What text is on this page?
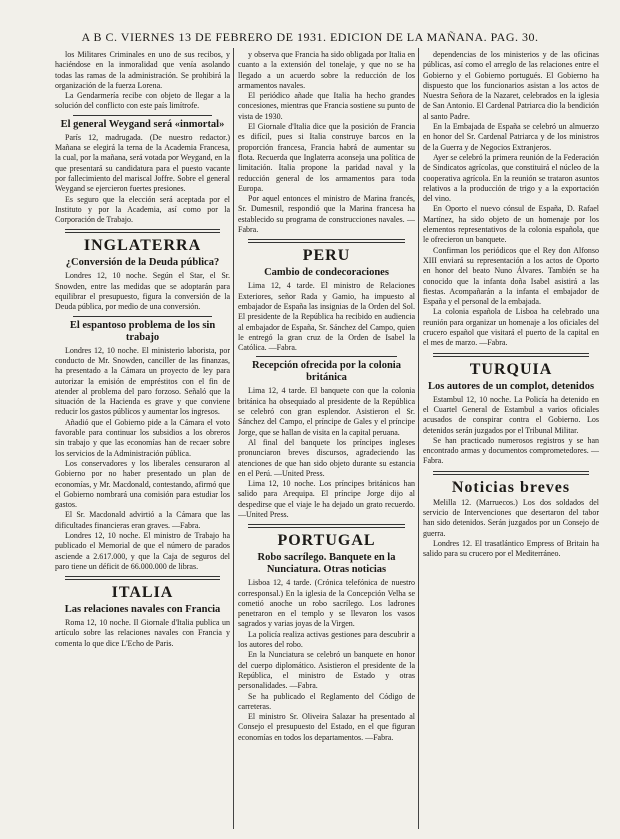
A B C. VIERNES 13 DE FEBRERO DE 1931. EDICION DE LA MAÑANA. PAG. 30.

los Militares Criminales en uno de sus recibos, y haciéndose en la inmoralidad que venía asolando todas las ramas de la administración. Se prohibirá la organización de la fuerza Lorena.

La Gendarmería recibe con objeto de llegar a la solución del conflicto con este país limítrofe.

El general Weygand será «inmortal»

París 12, madrugada. (De nuestro redactor.) Mañana se elegirá la terna de la Academia Francesa, la cual, por la mañana, será votada por Weygand, en la que presentará su candidatura para el puesto vacante por fallecimiento del mariscal Joffre. Sobre el general Weygand se ejercieron fuertes presiones.

Es seguro que la elección será aceptada por el Instituto y por la Academia, así como por la Corporación de Trabajo.

INGLATERRA
¿Conversión de la Deuda pública?

Londres 12, 10 noche. Según el Star, el Sr. Snowden, entre las medidas que se adoptarán para equilibrar el presupuesto, figura la conversión de la Deuda pública, por medio de una conversión.

El espantoso problema de los sin trabajo

Londres 12, 10 noche. El ministerio laborista, por conducto de Mr. Snowden, canciller de las finanzas, ha presentado a la Cámara un proyecto de ley para autorizar la emisión de empréstitos con el fin de atender al problema del paro forzoso. Señaló que la situación de la Hacienda es grave y que conviene reducir los gastos públicos y aumentar los ingresos.

Añadió que el Gobierno pide a la Cámara el voto favorable para continuar los subsidios a los obreros sin trabajo y que las economías han de recaer sobre los servicios de la Administración pública.

Los conservadores y los liberales censuraron al Gobierno por no haber presentado un plan de economías, y Mr. Macdonald, contestando, afirmó que el Gobierno nombrará una comisión para estudiar los gastos.

El Sr. Macdonald advirtió a la Cámara que las dificultades financieras eran graves. —Fabra.

Londres 12, 10 noche. El ministro de Trabajo ha publicado el Memorial de que el número de parados asciende a 2.617.000, y que la Caja de seguros del paro tiene un déficit de 66.000.000 de libras.

ITALIA
Las relaciones navales con Francia

Roma 12, 10 noche. Il Giornale d'Italia publica un artículo sobre las relaciones navales con Francia y comenta lo que dice L'Echo de Paris.

y observa que Francia ha sido obligada por Italia en cuanto a la extensión del tonelaje, y que no se ha llegado a un acuerdo sobre la reducción de los armamentos navales.

El periódico añade que Italia ha hecho grandes concesiones, mientras que Francia sostiene su punto de vista de 1930.

El Giornale d'Italia dice que la posición de Francia es difícil, pues si Italia construye barcos en la proporción francesa, Francia habrá de aumentar su flota. Recuerda que Inglaterra aconseja una política de limitación. Italia propone la paridad naval y la reducción general de los armamentos para toda Europa.

Por aquel entonces el ministro de Marina francés, Sr. Dumesnil, respondió que la Marina francesa ha establecido su programa de construcciones navales. —Fabra.

PERU
Cambio de condecoraciones

Lima 12, 4 tarde. El ministro de Relaciones Exteriores, señor Rada y Gamio, ha impuesto al embajador de España las insignias de la Orden del Sol. El presidente de la República ha recibido en audiencia al embajador de España, Sr. Sánchez del Campo, quien le entregó la gran cruz de la Orden de Isabel la Católica. —Fabra.

Recepción ofrecida por la colonia británica

Lima 12, 4 tarde. El banquete con que la colonia británica ha obsequiado al presidente de la República se celebró con gran esplendor. Asistieron el Sr. Sánchez del Campo, el príncipe de Gales y el príncipe Jorge, que se hallan de visita en la capital peruana.

Al final del banquete los príncipes ingleses pronunciaron breves discursos, agradeciendo las atenciones de que han sido objeto durante su estancia en el Perú. —United Press.

Lima 12, 10 noche. Los príncipes británicos han salido para Arequipa. El príncipe Jorge dijo al despedirse que el viaje le ha dejado un grato recuerdo. —United Press.

PORTUGAL
Robo sacrílego. Banquete en la Nunciatura. Otras noticias

Lisboa 12, 4 tarde. (Crónica telefónica de nuestro corresponsal.) En la iglesia de la Concepción Velha se cometió anoche un robo sacrílego. Los ladrones penetraron en el templo y se llevaron los vasos sagrados y varias joyas de la Virgen.

La policía realiza activas gestiones para descubrir a los autores del robo.

En la Nunciatura se celebró un banquete en honor del cuerpo diplomático. Asistieron el presidente de la República, el ministro de Estado y otras personalidades. —Fabra.

Se ha publicado el Reglamento del Código de carreteras.

El ministro Sr. Oliveira Salazar ha presentado al Consejo el presupuesto del Estado, en el que figuran economías en todos los departamentos. —Fabra.

dependencias de los ministerios y de las oficinas públicas, así como el arreglo de las relaciones entre el Gobierno y el Gobierno portugués. El Gobierno ha dispuesto que los funcionarios asistan a los actos de Nuestra Señora de la Nazaret, celebrados en la iglesia de San Antonio. El Cardenal Patriarca dio la bendición al santo Padre.

En la Embajada de España se celebró un almuerzo en honor del Sr. Cardenal Patriarca y de los ministros de la Guerra y de Negocios Extranjeros.

Ayer se celebró la primera reunión de la Federación de Sindicatos agrícolas, que constituirá el núcleo de la cooperativa agrícola. En la reunión se trataron asuntos relativos a la producción de trigo y a la exportación del vino.

En Oporto el nuevo cónsul de España, D. Rafael Martínez, ha sido objeto de un homenaje por los elementos representativos de la colonia española, que le ofrecieron un banquete.

Confirman los periódicos que el Rey don Alfonso XIII enviará su representación a los actos de Oporto en honor del beato Nuno Álvares. También se ha conocido que la infanta doña Isabel asistirá a las fiestas. Acompañarán a la infanta el embajador de España y el personal de la embajada.

La colonia española de Lisboa ha celebrado una reunión para organizar un homenaje a los oficiales del crucero español que visitará el puerto de la capital en el mes de marzo. —Fabra.

TURQUIA
Los autores de un complot, detenidos

Estambul 12, 10 noche. La Policía ha detenido en el Cuartel General de Estambul a varios oficiales acusados de conspirar contra el Gobierno. Los detenidos serán juzgados por el Tribunal Militar.

Se han practicado numerosos registros y se han encontrado armas y documentos comprometedores. —Fabra.

Noticias breves

Melilla 12. (Marruecos.) Los dos soldados del servicio de Intervenciones que desertaron del tabor han sido detenidos. Serán juzgados por un Consejo de guerra.

Londres 12. El trasatlántico Empress of Britain ha salido para su crucero por el Mediterráneo.
